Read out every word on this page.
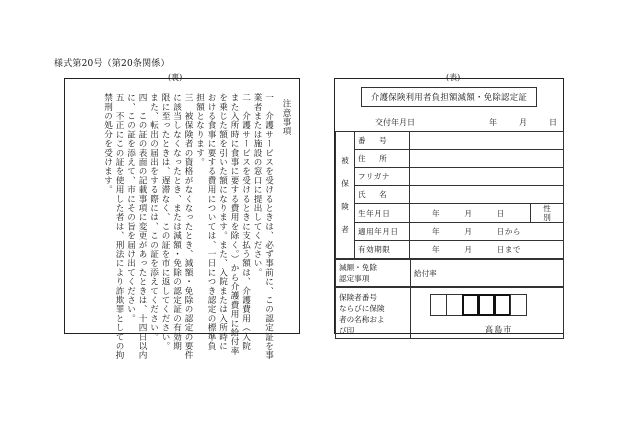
様式第20号（第20条関係）
(裏)	(表)
注意事項
一　介護サービスを受けるときは、必ず事前に、この認定証を事
業者または施設の窓口に提出してください。
二　介護サービスを受けるときに支払う額は、介護費用（入院
また入所時に食事に要する費用を除く。）から介護費用に給付率
を乗じた額を引いた額になります。また、入院または入所時に
おける食事に要する費用については、一日につき認定の標準負
担額となります。
三　被保険者の資格がなくなったとき、減額・免除の認定の要件
に該当しなくなったとき、または減額・免除の認定証の有効期
限に至ったときは、遅滞なく、この証を市に返してください。
また、転出の届出をする際には、この証を添えてください。
四　この証の表面の記載事項に変更があったときは、十四日以内
に、この証を添えて、市にその旨を届け出てください。
五　不正にこの証を使用した者は、刑法により詐欺罪としての拘
禁刑の処分を受けます。	介護保険利用者負担額減額・免除認定証
交付年月日	年	月	日
被
保
険
者	番　号		
	住　所		
	フリガナ		
	氏　名		
	生年月日	年　　　月　　　日	性
別
	適用年月日	年　　　月　　　日から	
	有効期限	年　　　月　　　日まで	
減額・免除
認定事項	給付率
保険者番号
ならびに保険
者の名称およ
び印		高島市
